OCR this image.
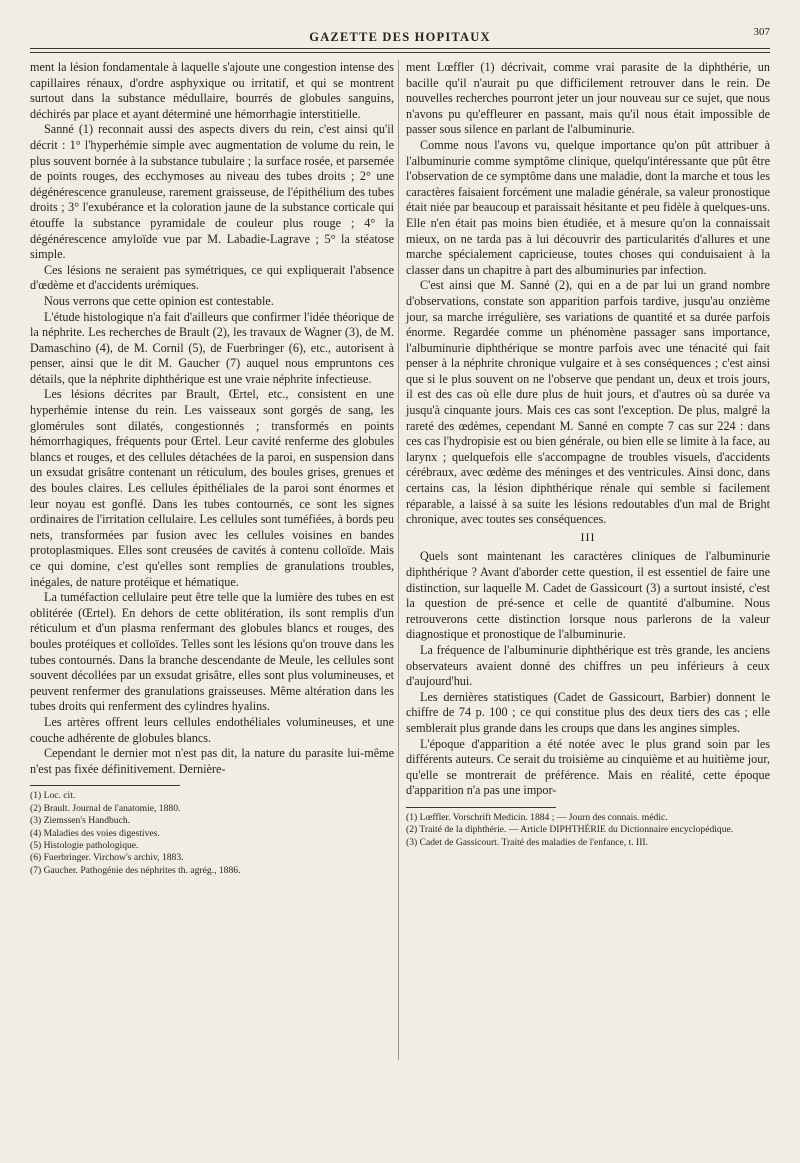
GAZETTE DES HOPITAUX	307

ment la lésion fondamentale à laquelle s'ajoute une congestion intense des capillaires rénaux, d'ordre asphyxique ou irritatif, et qui se montrent surtout dans la substance médullaire, bourrés de globules sanguins, déchirés par place et ayant déterminé une hémorrhagie interstitielle.

Sanné (1) reconnait aussi des aspects divers du rein, c'est ainsi qu'il décrit : 1° l'hyperhémie simple avec augmentation de volume du rein, le plus souvent bornée à la substance tubulaire ; la surface rosée, et parsemée de points rouges, des ecchymoses au niveau des tubes droits ; 2° une dégénérescence granuleuse, rarement graisseuse, de l'épithélium des tubes droits ; 3° l'exubérance et la coloration jaune de la substance corticale qui étouffe la substance pyramidale de couleur plus rouge ; 4° la dégénérescence amyloïde vue par M. Labadie-Lagrave ; 5° la stéatose simple.

Ces lésions ne seraient pas symétriques, ce qui expliquerait l'absence d'œdème et d'accidents urémiques.

Nous verrons que cette opinion est contestable.

L'étude histologique n'a fait d'ailleurs que confirmer l'idée théorique de la néphrite. Les recherches de Brault (2), les travaux de Wagner (3), de M. Damaschino (4), de M. Cornil (5), de Fuerbringer (6), etc., autorisent à penser, ainsi que le dit M. Gaucher (7) auquel nous empruntons ces détails, que la néphrite diphthérique est une vraie néphrite infectieuse.

Les lésions décrites par Brault, Œrtel, etc., consistent en une hyperhémie intense du rein. Les vaisseaux sont gorgés de sang, les glomérules sont dilatés, congestionnés ; transformés en points hémorrhagiques, fréquents pour Œrtel. Leur cavité renferme des globules blancs et rouges, et des cellules détachées de la paroi, en suspension dans un exsudat grisâtre contenant un réticulum, des boules grises, grenues et des boules claires. Les cellules épithéliales de la paroi sont énormes et leur noyau est gonflé. Dans les tubes contournés, ce sont les signes ordinaires de l'irritation cellulaire. Les cellules sont tuméfiées, à bords peu nets, transformées par fusion avec les cellules voisines en bandes protoplasmiques. Elles sont creusées de cavités à contenu colloïde. Mais ce qui domine, c'est qu'elles sont remplies de granulations troubles, inégales, de nature protéique et hématique.

La tuméfaction cellulaire peut être telle que la lumière des tubes en est oblitérée (Œrtel). En dehors de cette oblitération, ils sont remplis d'un réticulum et d'un plasma renfermant des globules blancs et rouges, des boules protéiques et colloïdes. Telles sont les lésions qu'on trouve dans les tubes contournés. Dans la branche descendante de Meule, les cellules sont souvent décollées par un exsudat grisâtre, elles sont plus volumineuses, et peuvent renfermer des granulations graisseuses. Même altération dans les tubes droits qui renferment des cylindres hyalins.

Les artères offrent leurs cellules endothéliales volumineuses, et une couche adhérente de globules blancs.

Cependant le dernier mot n'est pas dit, la nature du parasite lui-même n'est pas fixée définitivement. Dernière-

(1) Loc. cit.
(2) Brault. Journal de l'anatomie, 1880.
(3) Ziemssen's Handbuch.
(4) Maladies des voies digestives.
(5) Histologie pathologique.
(6) Fuerbringer. Virchow's archiv, 1883.
(7) Gaucher. Pathogénie des néphrites th. agrég., 1886.

ment Lœffler (1) décrivait, comme vrai parasite de la diphthérie, un bacille qu'il n'aurait pu que difficilement retrouver dans le rein. De nouvelles recherches pourront jeter un jour nouveau sur ce sujet, que nous n'avons pu qu'effleurer en passant, mais qu'il nous était impossible de passer sous silence en parlant de l'albuminurie.

Comme nous l'avons vu, quelque importance qu'on pût attribuer à l'albuminurie comme symptôme clinique, quelqu'intéressante que pût être l'observation de ce symptôme dans une maladie, dont la marche et tous les caractères faisaient forcément une maladie générale, sa valeur pronostique était niée par beaucoup et paraissait hésitante et peu fidèle à quelques-uns. Elle n'en était pas moins bien étudiée, et à mesure qu'on la connaissait mieux, on ne tarda pas à lui découvrir des particularités d'allures et une marche spécialement capricieuse, toutes choses qui conduisaient à la classer dans un chapitre à part des albuminuries par infection.

C'est ainsi que M. Sanné (2), qui en a de par lui un grand nombre d'observations, constate son apparition parfois tardive, jusqu'au onzième jour, sa marche irrégulière, ses variations de quantité et sa durée parfois énorme. Regardée comme un phénomène passager sans importance, l'albuminurie diphthérique se montre parfois avec une ténacité qui fait penser à la néphrite chronique vulgaire et à ses conséquences ; c'est ainsi que si le plus souvent on ne l'observe que pendant un, deux et trois jours, il est des cas où elle dure plus de huit jours, et d'autres où sa durée va jusqu'à cinquante jours. Mais ces cas sont l'exception. De plus, malgré la rareté des œdèmes, cependant M. Sanné en compte 7 cas sur 224 : dans ces cas l'hydropisie est ou bien générale, ou bien elle se limite à la face, au larynx ; quelquefois elle s'accompagne de troubles visuels, d'accidents cérébraux, avec œdème des méninges et des ventricules. Ainsi donc, dans certains cas, la lésion diphthérique rénale qui semble si facilement réparable, a laissé à sa suite les lésions redoutables d'un mal de Bright chronique, avec toutes ses conséquences.

III

Quels sont maintenant les caractères cliniques de l'albuminurie diphthérique ? Avant d'aborder cette question, il est essentiel de faire une distinction, sur laquelle M. Cadet de Gassicourt (3) a surtout insisté, c'est la question de pré-sence et celle de quantité d'albumine. Nous retrouverons cette distinction lorsque nous parlerons de la valeur diagnostique et pronostique de l'albuminurie.

La fréquence de l'albuminurie diphthérique est très grande, les anciens observateurs avaient donné des chiffres un peu inférieurs à ceux d'aujourd'hui.

Les dernières statistiques (Cadet de Gassicourt, Barbier) donnent le chiffre de 74 p. 100 ; ce qui constitue plus des deux tiers des cas ; elle semblerait plus grande dans les croups que dans les angines simples.

L'époque d'apparition a été notée avec le plus grand soin par les différents auteurs. Ce serait du troisième au cinquième et au huitième jour, qu'elle se montrerait de préférence. Mais en réalité, cette époque d'apparition n'a pas une impor-

(1) Lœffler. Vorschrift Medicin. 1884 ; — Journ des connais. médic.
(2) Traité de la diphthérie. — Article DIPHTHÉRIE du Dictionnaire encyclopédique.
(3) Cadet de Gassicourt. Traité des maladies de l'enfance, t. III.
